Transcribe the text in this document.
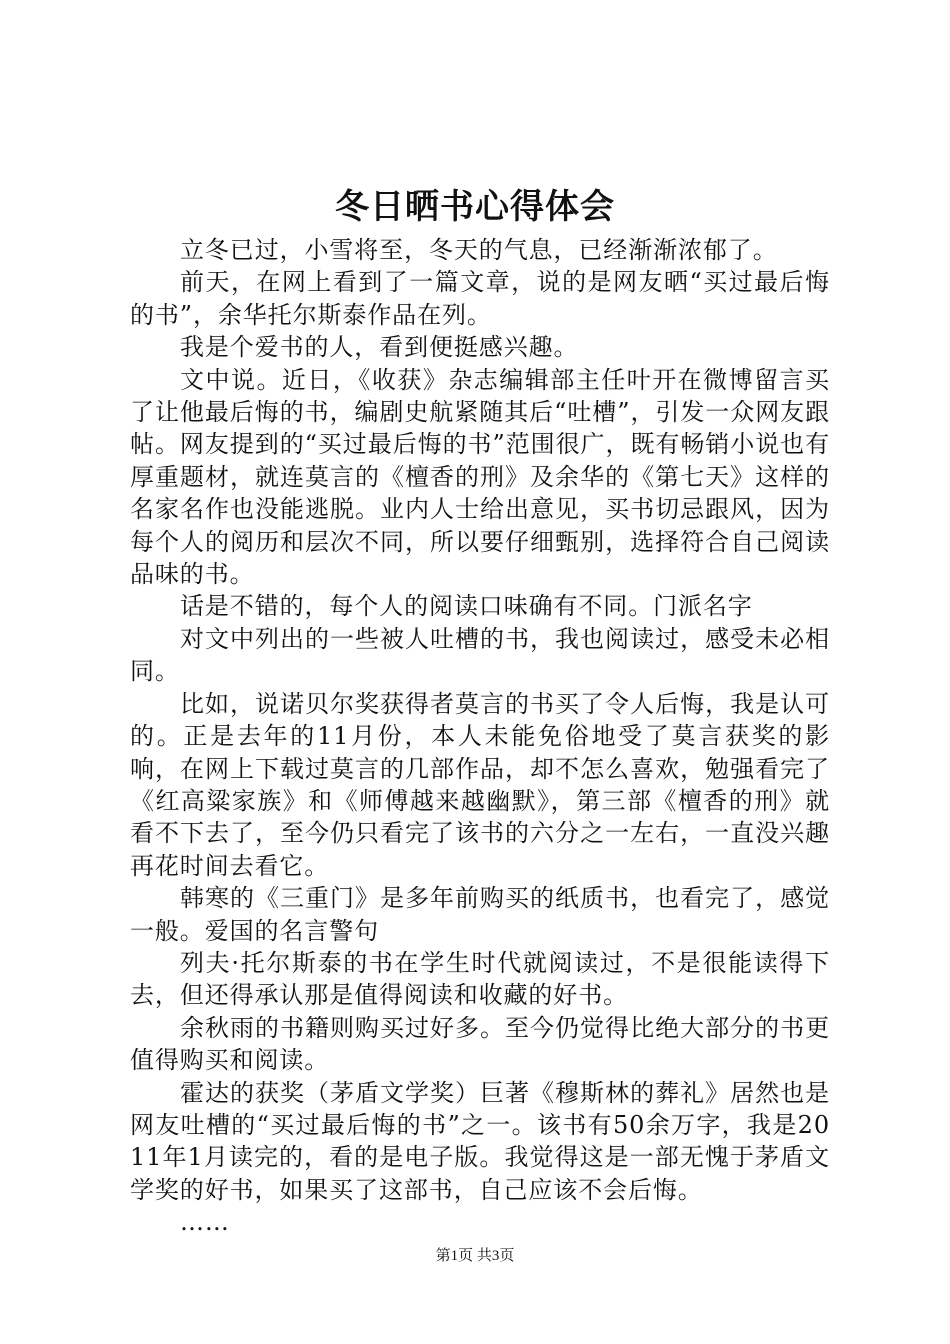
冬日晒书心得体会

立冬已过，小雪将至，冬天的气息，已经渐渐浓郁了。

前天，在网上看到了一篇文章，说的是网友晒“买过最后悔的书”，余华托尔斯泰作品在列。

我是个爱书的人，看到便挺感兴趣。

文中说。近日，《收获》杂志编辑部主任叶开在微博留言买了让他最后悔的书，编剧史航紧随其后“吐槽”，引发一众网友跟帖。网友提到的“买过最后悔的书”范围很广，既有畅销小说也有厚重题材，就连莫言的《檀香的刑》及余华的《第七天》这样的名家名作也没能逃脱。业内人士给出意见，买书切忌跟风，因为每个人的阅历和层次不同，所以要仔细甄别，选择符合自己阅读品味的书。

话是不错的，每个人的阅读口味确有不同。门派名字

对文中列出的一些被人吐槽的书，我也阅读过，感受未必相同。

比如，说诺贝尔奖获得者莫言的书买了令人后悔，我是认可的。正是去年的11月份，本人未能免俗地受了莫言获奖的影响，在网上下载过莫言的几部作品，却不怎么喜欢，勉强看完了《红高粱家族》和《师傅越来越幽默》，第三部《檀香的刑》就看不下去了，至今仍只看完了该书的六分之一左右，一直没兴趣再花时间去看它。

韩寒的《三重门》是多年前购买的纸质书，也看完了，感觉一般。爱国的名言警句

列夫·托尔斯泰的书在学生时代就阅读过，不是很能读得下去，但还得承认那是值得阅读和收藏的好书。

余秋雨的书籍则购买过好多。至今仍觉得比绝大部分的书更值得购买和阅读。

霍达的获奖（茅盾文学奖）巨著《穆斯林的葬礼》居然也是网友吐槽的“买过最后悔的书”之一。该书有50余万字，我是2011年1月读完的，看的是电子版。我觉得这是一部无愧于茅盾文学奖的好书，如果买了这部书，自己应该不会后悔。

……

第1页 共3页
